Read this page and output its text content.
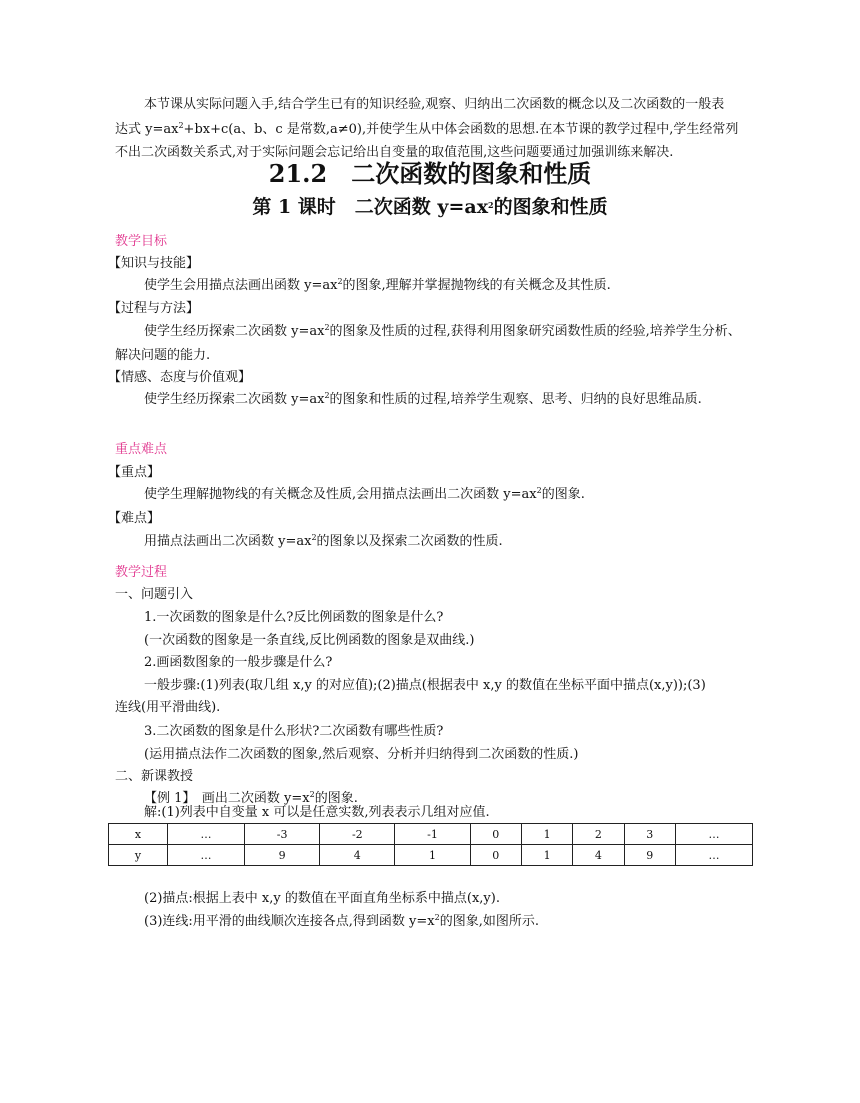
本节课从实际问题入手,结合学生已有的知识经验,观察、归纳出二次函数的概念以及二次函数的一般表

达式 $y=ax^2+bx+c(a$、b、c 是常数,a≠0),并使学生从中体会函数的思想.在本节课的教学过程中,学生经常列

不出二次函数关系式,对于实际问题会忘记给出自变量的取值范围,这些问题要通过加强训练来解决.

21.2　二次函数的图象和性质
第 1 课时　二次函数 $y=ax^2$的图象和性质

教学目标

【知识与技能】

使学生会用描点法画出函数 $y=ax^2$的图象,理解并掌握抛物线的有关概念及其性质.

【过程与方法】

使学生经历探索二次函数 $y=ax^2$的图象及性质的过程,获得利用图象研究函数性质的经验,培养学生分析、

解决问题的能力.

【情感、态度与价值观】

使学生经历探索二次函数 $y=ax^2$的图象和性质的过程,培养学生观察、思考、归纳的良好思维品质.

重点难点

【重点】

使学生理解抛物线的有关概念及性质,会用描点法画出二次函数 $y=ax^2$的图象.

【难点】

用描点法画出二次函数 $y=ax^2$的图象以及探索二次函数的性质.

教学过程

一、问题引入

1.一次函数的图象是什么?反比例函数的图象是什么?

(一次函数的图象是一条直线,反比例函数的图象是双曲线.)

2.画函数图象的一般步骤是什么?

一般步骤:(1)列表(取几组 x,y 的对应值);(2)描点(根据表中 x,y 的数值在坐标平面中描点(x,y));(3)

连线(用平滑曲线).

3.二次函数的图象是什么形状?二次函数有哪些性质?

(运用描点法作二次函数的图象,然后观察、分析并归纳得到二次函数的性质.)

二、新课教授

【例 1】　画出二次函数 $y=x^2$的图象.

解:(1)列表中自变量 x 可以是任意实数,列表表示几组对应值.

x	…	-3	-2	-1	0	1	2	3	…
y	…	9	4	1	0	1	4	9	…

(2)描点:根据上表中 x,y 的数值在平面直角坐标系中描点(x,y).

(3)连线:用平滑的曲线顺次连接各点,得到函数 $y=x^2$的图象,如图所示.
